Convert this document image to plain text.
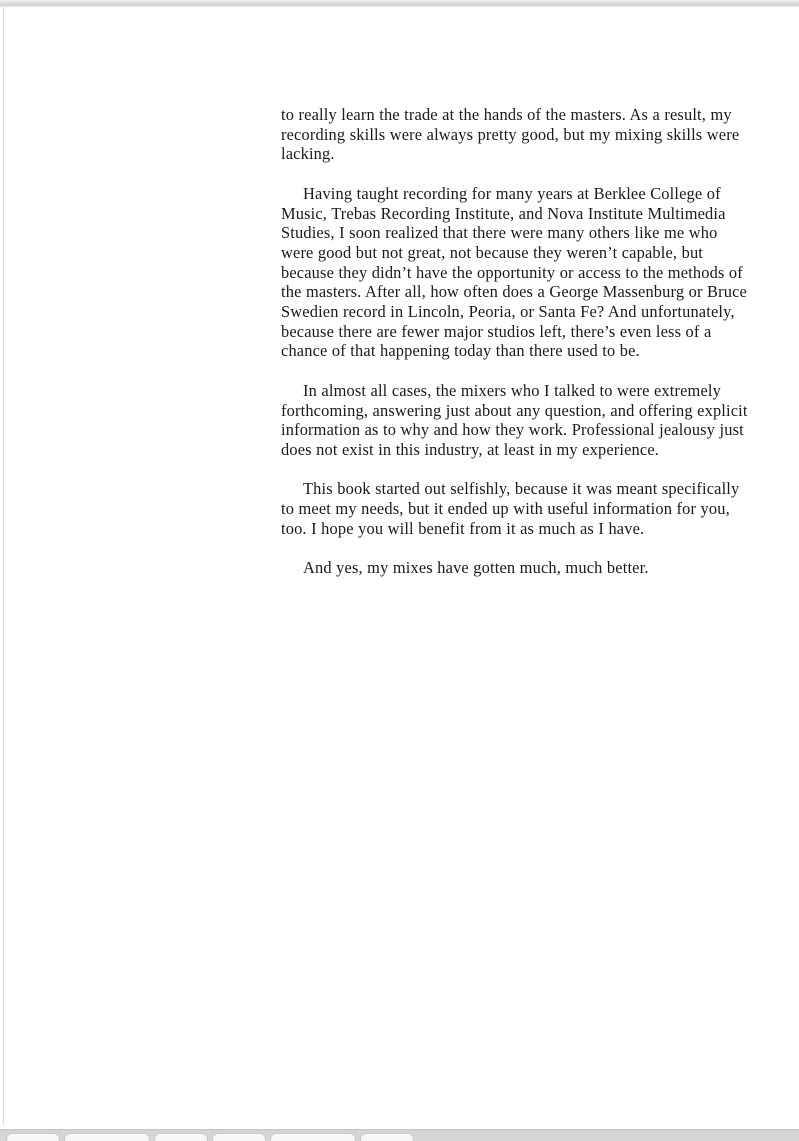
to really learn the trade at the hands of the masters. As a result, my recording skills were always pretty good, but my mixing skills were lacking.

Having taught recording for many years at Berklee College of Music, Trebas Recording Institute, and Nova Institute Multimedia Studies, I soon realized that there were many others like me who were good but not great, not because they weren’t capable, but because they didn’t have the opportunity or access to the methods of the masters. After all, how often does a George Massenburg or Bruce Swedien record in Lincoln, Peoria, or Santa Fe? And unfortunately, because there are fewer major studios left, there’s even less of a chance of that happening today than there used to be.

In almost all cases, the mixers who I talked to were extremely forthcoming, answering just about any question, and offering explicit information as to why and how they work. Professional jealousy just does not exist in this industry, at least in my experience.

This book started out selfishly, because it was meant specifically to meet my needs, but it ended up with useful information for you, too. I hope you will benefit from it as much as I have.

And yes, my mixes have gotten much, much better.
